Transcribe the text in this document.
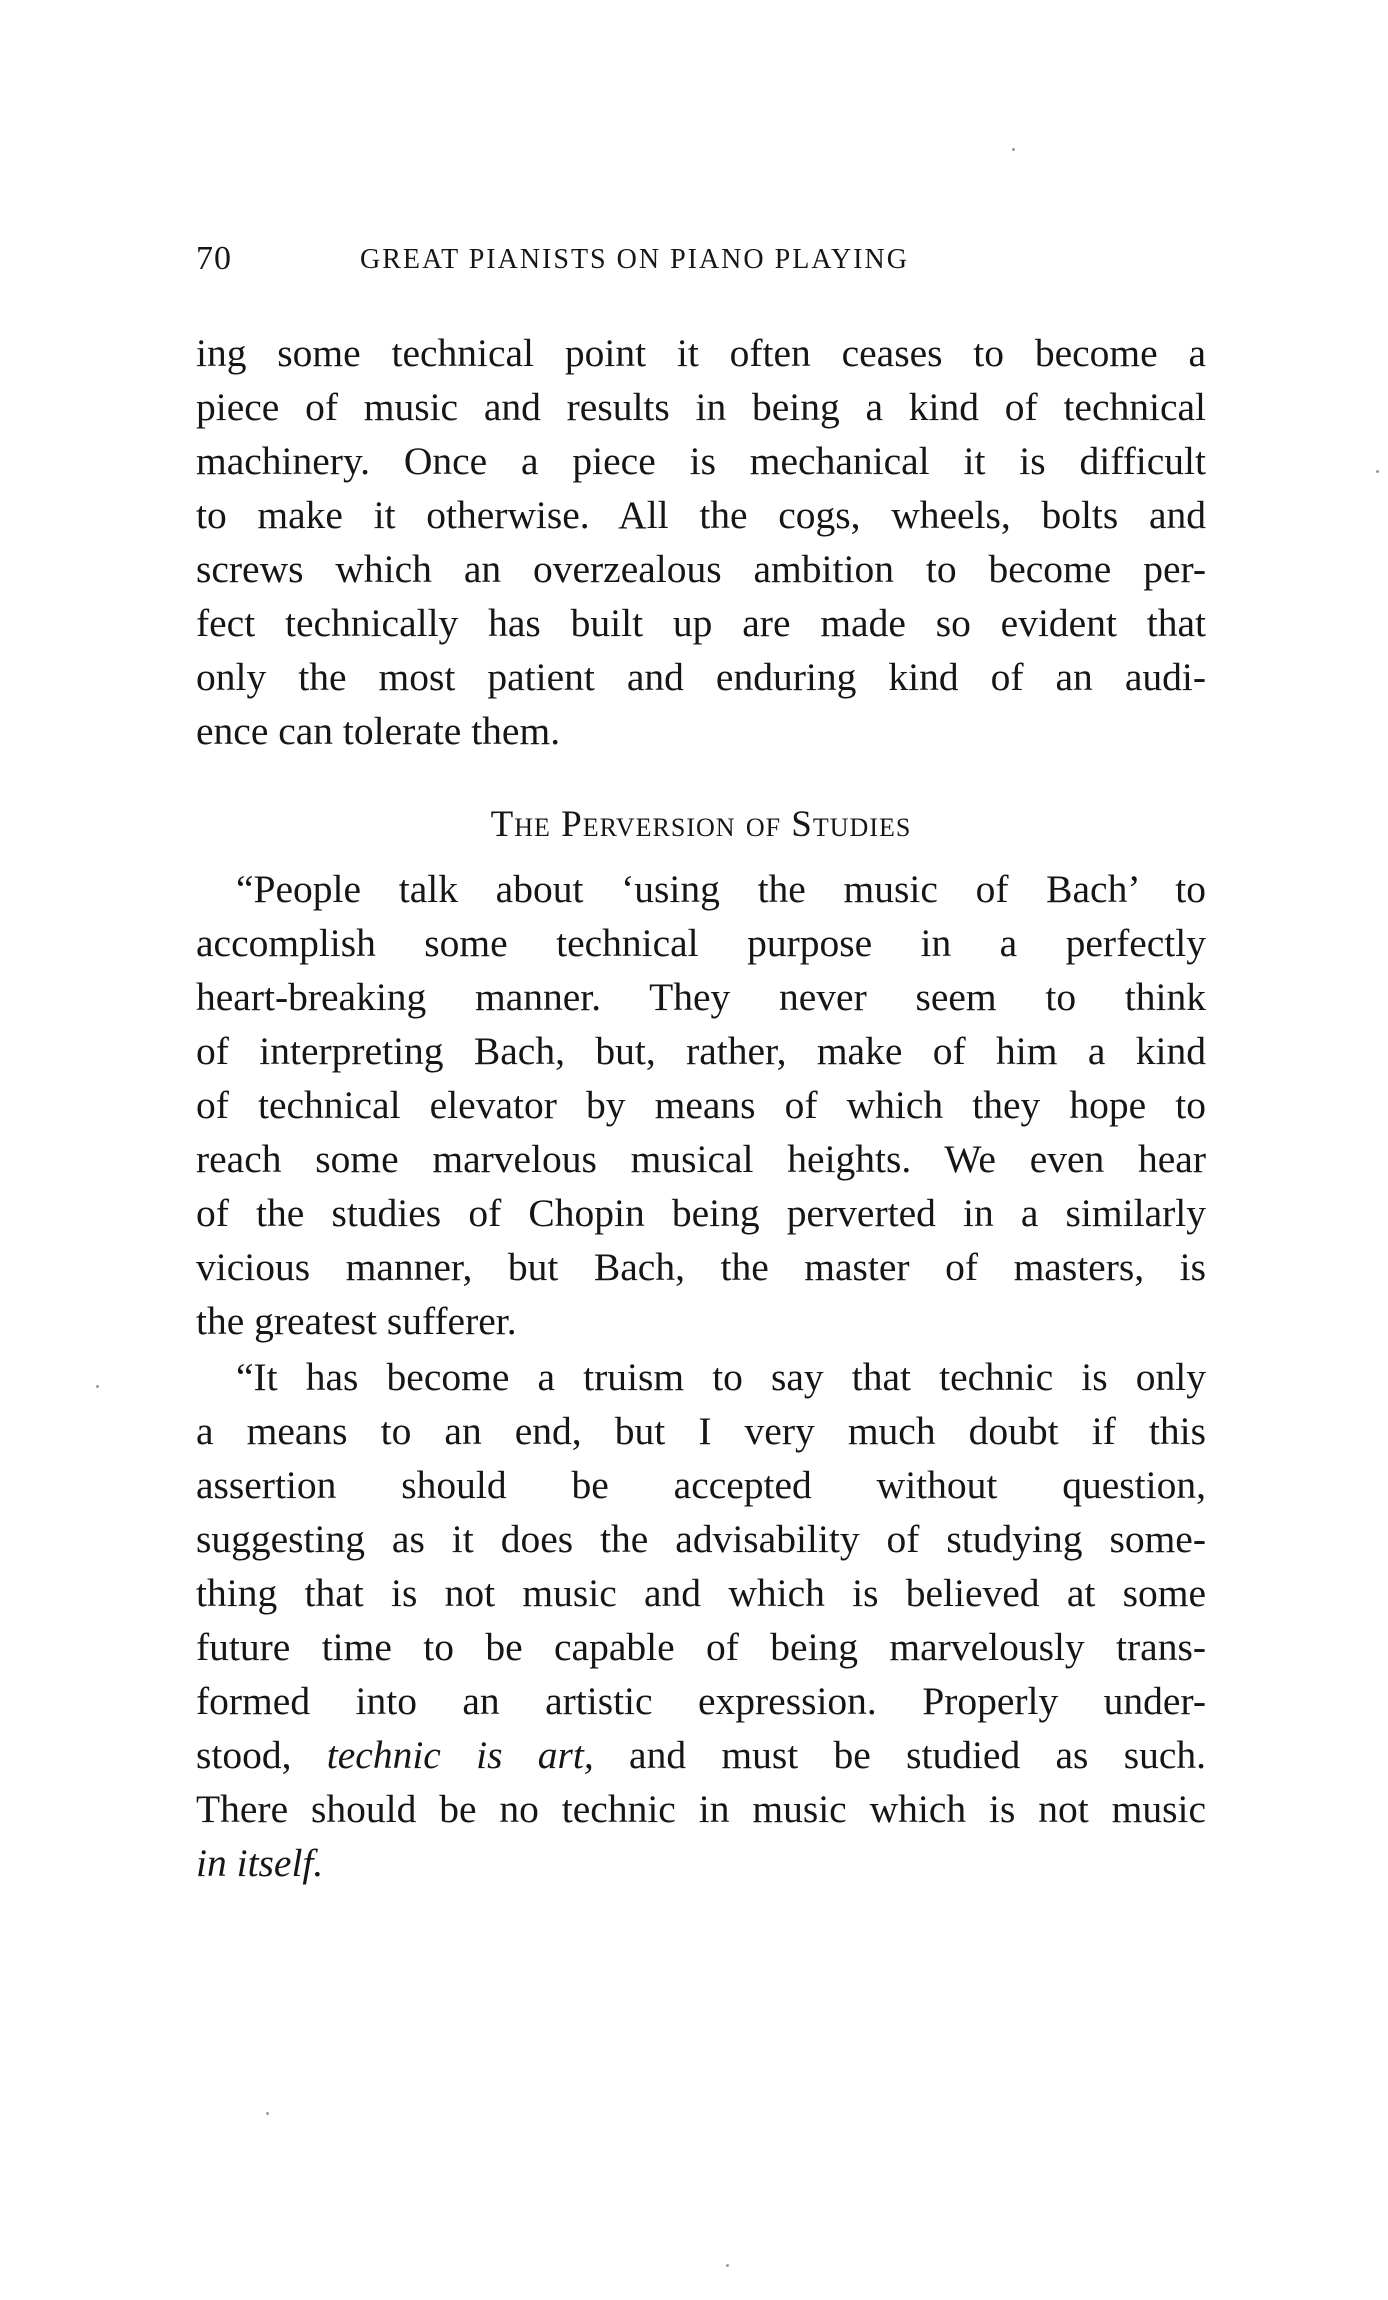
70	GREAT PIANISTS ON PIANO PLAYING
ing some technical point it often ceases to become a
piece of music and results in being a kind of technical
machinery. Once a piece is mechanical it is difficult
to make it otherwise. All the cogs, wheels, bolts and
screws which an overzealous ambition to become per-
fect technically has built up are made so evident that
only the most patient and enduring kind of an audi-
ence can tolerate them.
The Perversion of Studies
“People talk about ‘using the music of Bach’ to
accomplish some technical purpose in a perfectly
heart-breaking manner. They never seem to think
of interpreting Bach, but, rather, make of him a kind
of technical elevator by means of which they hope to
reach some marvelous musical heights. We even hear
of the studies of Chopin being perverted in a similarly
vicious manner, but Bach, the master of masters, is
the greatest sufferer.
“It has become a truism to say that technic is only
a means to an end, but I very much doubt if this
assertion should be accepted without question,
suggesting as it does the advisability of studying some-
thing that is not music and which is believed at some
future time to be capable of being marvelously trans-
formed into an artistic expression. Properly under-
stood, technic is art, and must be studied as such.
There should be no technic in music which is not music
in itself.
